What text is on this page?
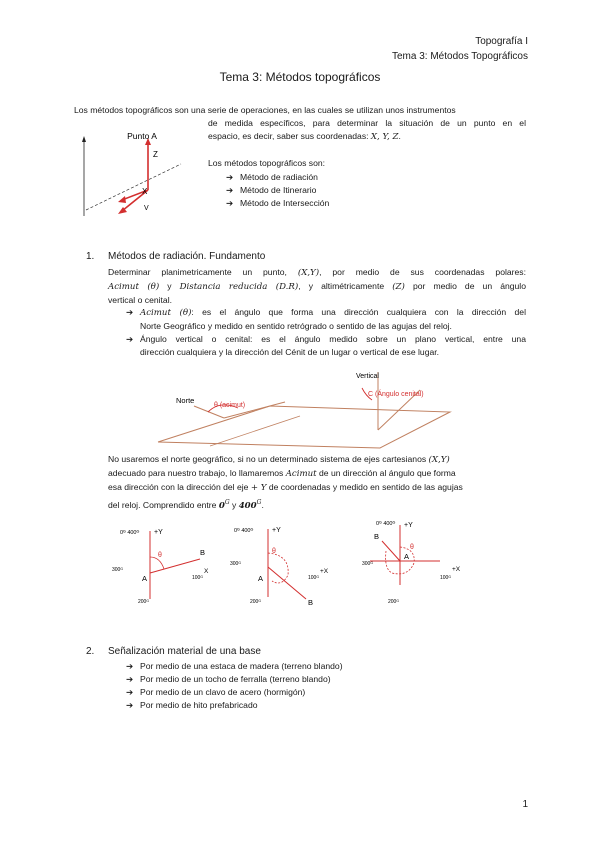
Topografía I
Tema 3: Métodos Topográficos
Tema 3: Métodos topográficos
Los métodos topográficos son una serie de operaciones, en las cuales se utilizan unos instrumentos
de medida específicos, para determinar la situación de un punto en el
espacio, es decir, saber sus coordenadas: X, Y, Z.
Los métodos topográficos son:
➔ Método de radiación
➔ Método de Itinerario
➔ Método de Intersección
Punto A
Z
X
V
1. Métodos de radiación. Fundamento
Determinar planimetricamente un punto, (X,Y), por medio de sus coordenadas polares:
Acimut (θ) y Distancia reducida (D.R), y altimétricamente (Z) por medio de un ángulo
vertical o cenital.
➔ Acimut (θ): es el ángulo que forma una dirección cualquiera con la dirección del
Norte Geográfico y medido en sentido retrógrado o sentido de las agujas del reloj.
➔ Ángulo vertical o cenital: es el ángulo medido sobre un plano vertical, entre una
dirección cualquiera y la dirección del Cénit de un lugar o vertical de ese lugar.
Norte
θ (acimut)
Vertical
C (Ángulo cenital)
No usaremos el norte geográfico, si no un determinado sistema de ejes cartesianos (X,Y)
adecuado para nuestro trabajo, lo llamaremos Acimut de un dirección al ángulo que forma
esa dirección con la dirección del eje + Y de coordenadas y medido en sentido de las agujas
del reloj. Comprendido entre $0^G$ y $400^G$.
0ᴳ 400ᴳ +Y
θ	B
A
X
300ᴳ
100ᴳ
200ᴳ
0ᴳ 400ᴳ	+Y
θ
A
+X
300ᴳ
100ᴳ
200ᴳ	B
0ᴳ 400ᴳ +Y
B
θ
A
+X
300ᴳ
100ᴳ
200ᴳ
2. Señalización material de una base
➔ Por medio de una estaca de madera (terreno blando)
➔ Por medio de un tocho de ferralla (terreno blando)
➔ Por medio de un clavo de acero (hormigón)
➔ Por medio de hito prefabricado
1
